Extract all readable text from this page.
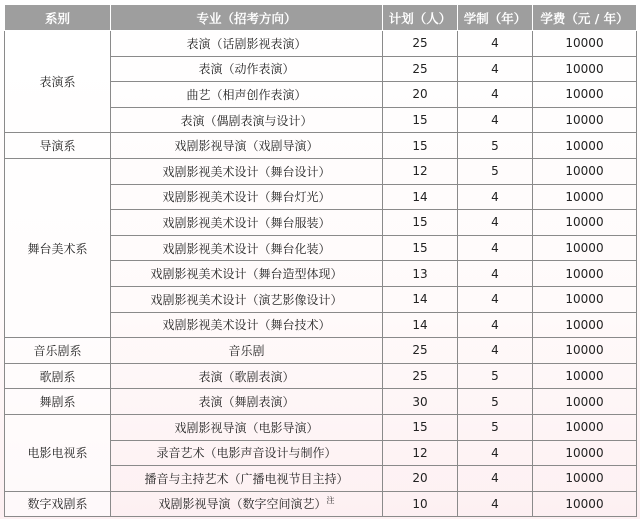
系别	专业（招考方向）	计划（人）	学制（年）	学费（元 / 年）
表演系	表演（话剧影视表演）	25	4	10000
	表演（动作表演）	25	4	10000
	曲艺（相声创作表演）	20	4	10000
	表演（偶剧表演与设计）	15	4	10000
导演系	戏剧影视导演（戏剧导演）	15	5	10000
舞台美术系	戏剧影视美术设计（舞台设计）	12	5	10000
	戏剧影视美术设计（舞台灯光）	14	4	10000
	戏剧影视美术设计（舞台服装）	15	4	10000
	戏剧影视美术设计（舞台化装）	15	4	10000
	戏剧影视美术设计（舞台造型体现）	13	4	10000
	戏剧影视美术设计（演艺影像设计）	14	4	10000
	戏剧影视美术设计（舞台技术）	14	4	10000
音乐剧系	音乐剧	25	4	10000
歌剧系	表演（歌剧表演）	25	5	10000
舞剧系	表演（舞剧表演）	30	5	10000
电影电视系	戏剧影视导演（电影导演）	15	5	10000
	录音艺术（电影声音设计与制作）	12	4	10000
	播音与主持艺术（广播电视节目主持）	20	4	10000
数字戏剧系	戏剧影视导演（数字空间演艺）$^注$	10	4	10000
